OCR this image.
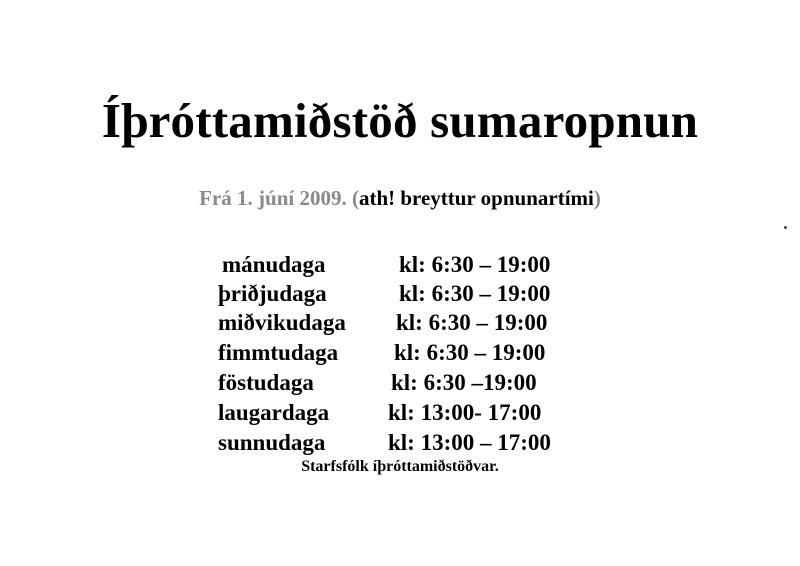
Íþróttamiðstöð sumaropnun
Frá 1. júní 2009. (ath! breyttur opnunartími)
mánudaga	kl: 6:30 – 19:00
þriðjudaga	kl: 6:30 – 19:00
miðvikudaga kl: 6:30 – 19:00
fimmtudaga kl: 6:30 – 19:00
föstudaga	kl: 6:30 –19:00
laugardaga	kl: 13:00- 17:00
sunnudaga	kl: 13:00 – 17:00
Starfsfólk íþróttamiðstöðvar.
